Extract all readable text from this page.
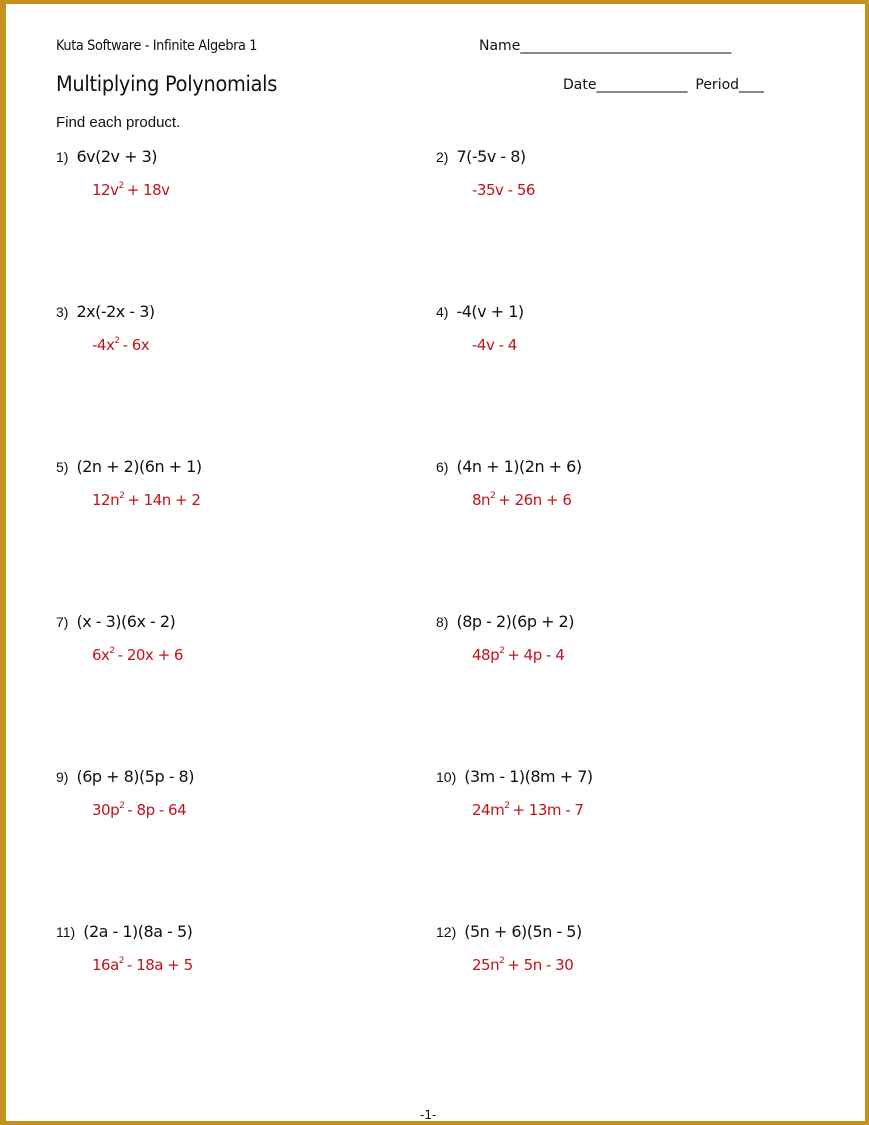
Kuta Software - Infinite Algebra 1
Multiplying Polynomials
Name___________________________________
Date_______________ Period____
Find each product.
1) 6v(2v + 3)
$12v^2 + 18v$
2) 7(-5v - 8)
-35v - 56
3) 2x(-2x - 3)
$-4x^2 - 6x$
4) -4(v + 1)
-4v - 4
5) (2n + 2)(6n + 1)
$12n^2 + 14n + 2$
6) (4n + 1)(2n + 6)
$8n^2 + 26n + 6$
7) (x - 3)(6x - 2)
$6x^2 - 20x + 6$
8) (8p - 2)(6p + 2)
$48p^2 + 4p - 4$
9) (6p + 8)(5p - 8)
$30p^2 - 8p - 64$
10) (3m - 1)(8m + 7)
$24m^2 + 13m - 7$
11) (2a - 1)(8a - 5)
$16a^2 - 18a + 5$
12) (5n + 6)(5n - 5)
$25n^2 + 5n - 30$
-1-
